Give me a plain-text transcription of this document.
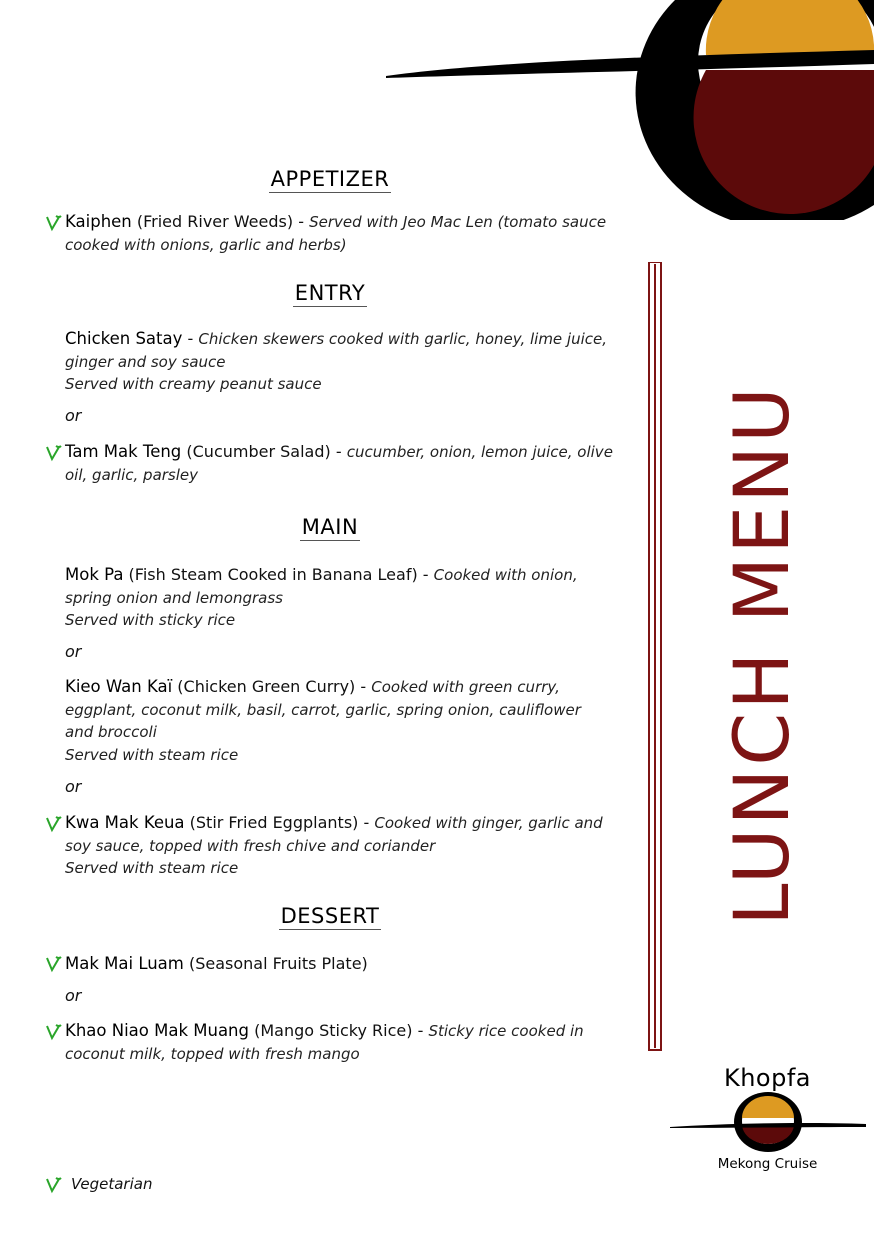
LUNCH MENU
APPETIZER
Kaiphen (Fried River Weeds) - Served with Jeo Mac Len (tomato sauce cooked with onions, garlic and herbs)
ENTRY
Chicken Satay - Chicken skewers cooked with garlic, honey, lime juice, ginger and soy sauce
Served with creamy peanut sauce
or
Tam Mak Teng (Cucumber Salad) - cucumber, onion, lemon juice, olive oil, garlic, parsley
MAIN
Mok Pa (Fish Steam Cooked in Banana Leaf) - Cooked with onion, spring onion and lemongrass
Served with sticky rice
or
Kieo Wan Kaï (Chicken Green Curry) - Cooked with green curry, eggplant, coconut milk, basil, carrot, garlic, spring onion, cauliflower and broccoli
Served with steam rice
or
Kwa Mak Keua (Stir Fried Eggplants) - Cooked with ginger, garlic and soy sauce, topped with fresh chive and coriander
Served with steam rice
DESSERT
Mak Mai Luam (Seasonal Fruits Plate)
or
Khao Niao Mak Muang (Mango Sticky Rice) - Sticky rice cooked in coconut milk, topped with fresh mango
Khopfa
Mekong Cruise
Vegetarian
